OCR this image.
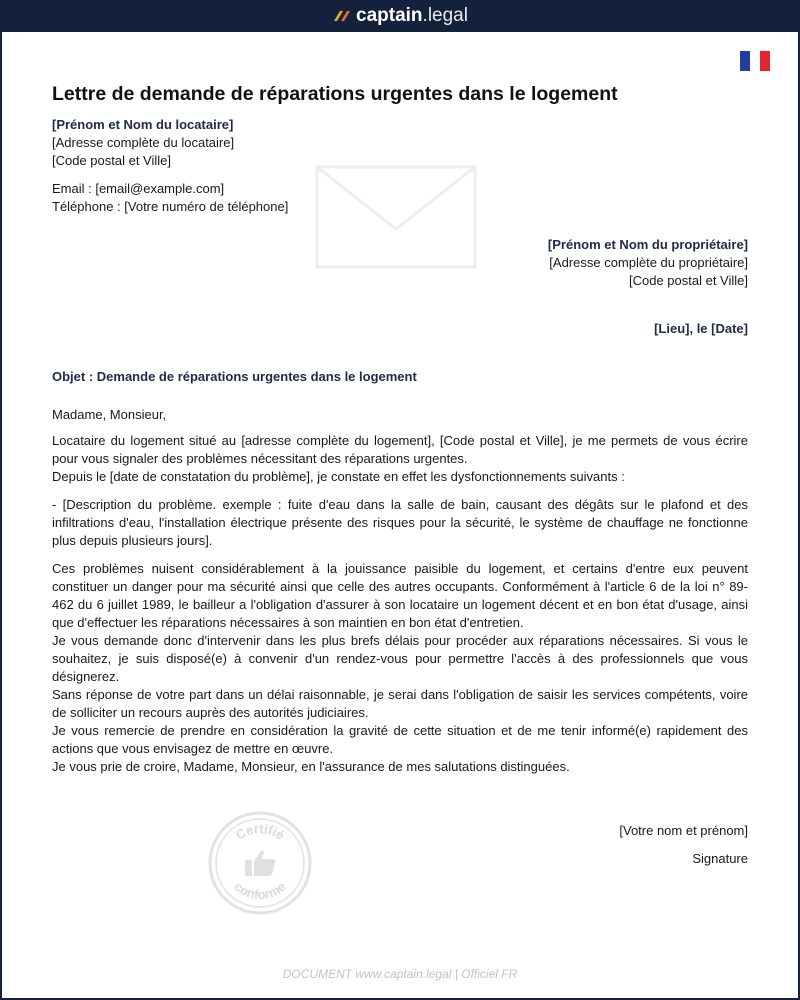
captain .legal
Lettre de demande de réparations urgentes dans le logement
[Prénom et Nom du locataire]
[Adresse complète du locataire]
[Code postal et Ville]
Email : [email@example.com]
Téléphone : [Votre numéro de téléphone]
[Prénom et Nom du propriétaire]
[Adresse complète du propriétaire]
[Code postal et Ville]
[Lieu], le [Date]
Objet : Demande de réparations urgentes dans le logement
Madame, Monsieur,

Locataire du logement situé au [adresse complète du logement], [Code postal et Ville], je me permets de vous écrire pour vous signaler des problèmes nécessitant des réparations urgentes.

Depuis le [date de constatation du problème], je constate en effet les dysfonctionnements suivants :

- [Description du problème. exemple : fuite d'eau dans la salle de bain, causant des dégâts sur le plafond et des infiltrations d'eau, l'installation électrique présente des risques pour la sécurité, le système de chauffage ne fonctionne plus depuis plusieurs jours].

Ces problèmes nuisent considérablement à la jouissance paisible du logement, et certains d'entre eux peuvent constituer un danger pour ma sécurité ainsi que celle des autres occupants. Conformément à l'article 6 de la loi n° 89-462 du 6 juillet 1989, le bailleur a l'obligation d'assurer à son locataire un logement décent et en bon état d'usage, ainsi que d'effectuer les réparations nécessaires à son maintien en bon état d'entretien.

Je vous demande donc d'intervenir dans les plus brefs délais pour procéder aux réparations nécessaires. Si vous le souhaitez, je suis disposé(e) à convenir d'un rendez-vous pour permettre l'accès à des professionnels que vous désignerez.

Sans réponse de votre part dans un délai raisonnable, je serai dans l'obligation de saisir les services compétents, voire de solliciter un recours auprès des autorités judiciaires.

Je vous remercie de prendre en considération la gravité de cette situation et de me tenir informé(e) rapidement des actions que vous envisagez de mettre en œuvre.

Je vous prie de croire, Madame, Monsieur, en l'assurance de mes salutations distinguées.

Certifié
conforme
[Votre nom et prénom]
Signature
DOCUMENT www.captain.legal | Officiel FR
